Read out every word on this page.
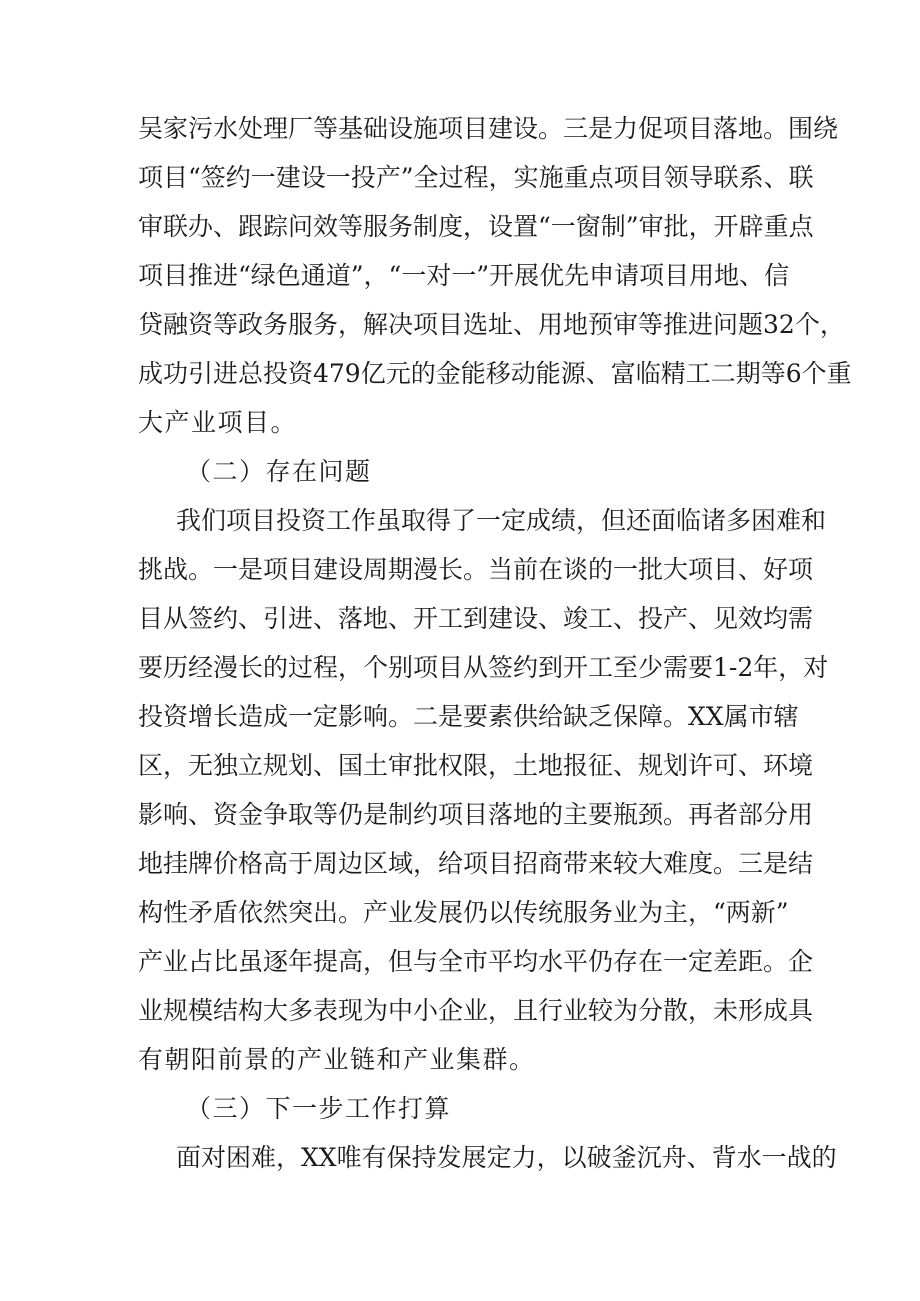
吴家污水处理厂等基础设施项目建设。三是力促项目落地。围绕
项目“签约一建设一投产”全过程，实施重点项目领导联系、联
审联办、跟踪问效等服务制度，设置“一窗制”审批，开辟重点
项目推进“绿色通道”，“一对一”开展优先申请项目用地、信
贷融资等政务服务，解决项目选址、用地预审等推进问题32个，
成功引进总投资479亿元的金能移动能源、富临精工二期等6个重
大产业项目。
（二）存在问题
我们项目投资工作虽取得了一定成绩，但还面临诸多困难和
挑战。一是项目建设周期漫长。当前在谈的一批大项目、好项
目从签约、引进、落地、开工到建设、竣工、投产、见效均需
要历经漫长的过程，个别项目从签约到开工至少需要1-2年，对
投资增长造成一定影响。二是要素供给缺乏保障。XX属市辖
区，无独立规划、国土审批权限，土地报征、规划许可、环境
影响、资金争取等仍是制约项目落地的主要瓶颈。再者部分用
地挂牌价格高于周边区域，给项目招商带来较大难度。三是结
构性矛盾依然突出。产业发展仍以传统服务业为主，“两新”
产业占比虽逐年提高，但与全市平均水平仍存在一定差距。企
业规模结构大多表现为中小企业，且行业较为分散，未形成具
有朝阳前景的产业链和产业集群。
（三）下一步工作打算
面对困难，XX唯有保持发展定力，以破釜沉舟、背水一战的
